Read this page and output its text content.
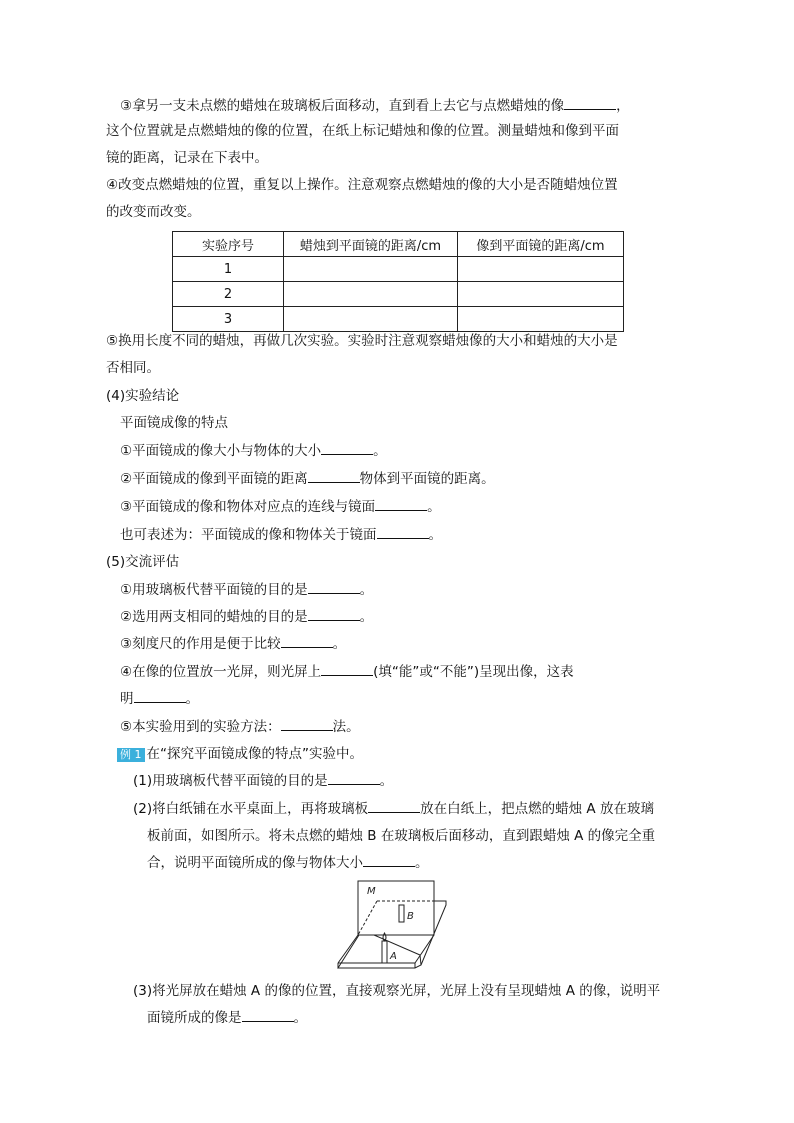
③拿另一支未点燃的蜡烛在玻璃板后面移动，直到看上去它与点燃蜡烛的像	，
这个位置就是点燃蜡烛的像的位置，在纸上标记蜡烛和像的位置。测量蜡烛和像到平面
镜的距离，记录在下表中。
④改变点燃蜡烛的位置，重复以上操作。注意观察点燃蜡烛的像的大小是否随蜡烛位置
的改变而改变。
实验序号	蜡烛到平面镜的距离/cm	像到平面镜的距离/cm
1		
2		
3		
⑤换用长度不同的蜡烛，再做几次实验。实验时注意观察蜡烛像的大小和蜡烛的大小是
否相同。
(4)实验结论
平面镜成像的特点
①平面镜成的像大小与物体的大小	。
②平面镜成的像到平面镜的距离	物体到平面镜的距离。
③平面镜成的像和物体对应点的连线与镜面	。
也可表述为：平面镜成的像和物体关于镜面	。
(5)交流评估
①用玻璃板代替平面镜的目的是	。
②选用两支相同的蜡烛的目的是	。
③刻度尺的作用是便于比较	。
④在像的位置放一光屏，则光屏上	(填“能”或“不能”)呈现出像，这表
明	。
⑤本实验用到的实验方法：	法。
例 1 在“探究平面镜成像的特点”实验中。
(1)用玻璃板代替平面镜的目的是	。
(2)将白纸铺在水平桌面上，再将玻璃板	放在白纸上，把点燃的蜡烛 A 放在玻璃
板前面，如图所示。将未点燃的蜡烛 B 在玻璃板后面移动，直到跟蜡烛 A 的像完全重
合，说明平面镜所成的像与物体大小	。
M
B
A
(3)将光屏放在蜡烛 A 的像的位置，直接观察光屏，光屏上没有呈现蜡烛 A 的像，说明平
面镜所成的像是	。
